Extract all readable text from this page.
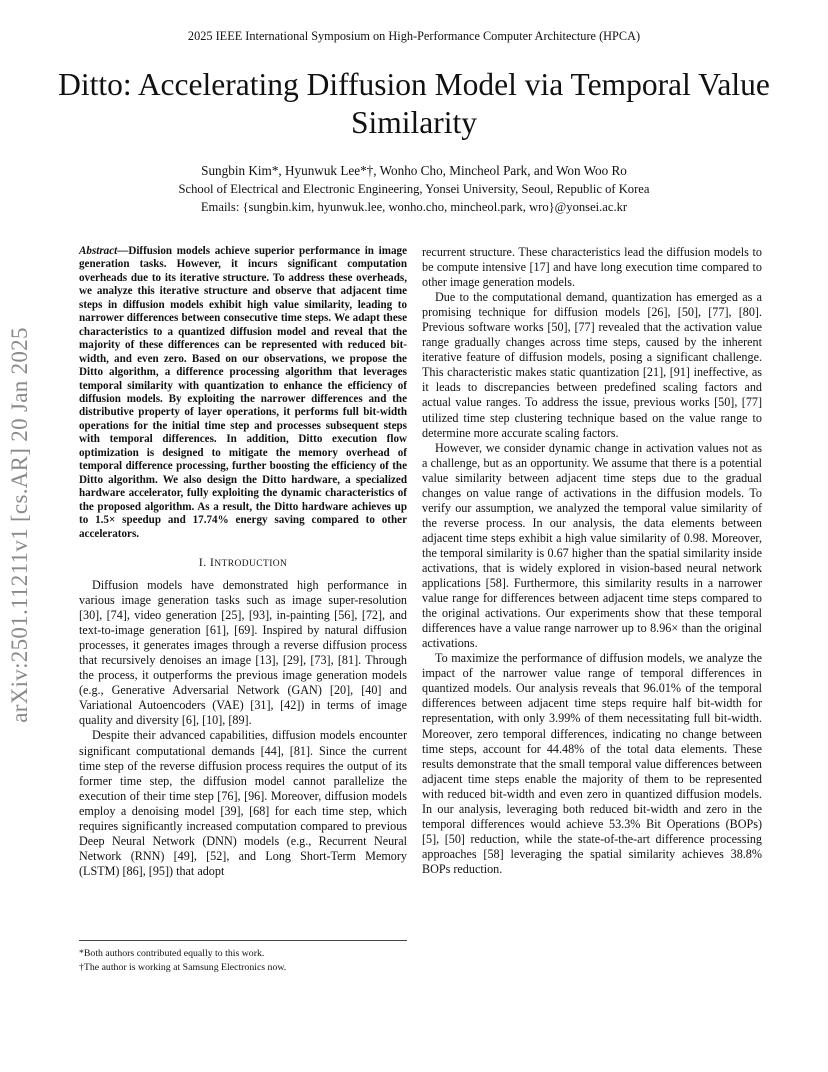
2025 IEEE International Symposium on High-Performance Computer Architecture (HPCA)
Ditto: Accelerating Diffusion Model via Temporal Value Similarity
Sungbin Kim*, Hyunwuk Lee*†, Wonho Cho, Mincheol Park, and Won Woo Ro
School of Electrical and Electronic Engineering, Yonsei University, Seoul, Republic of Korea
Emails: {sungbin.kim, hyunwuk.lee, wonho.cho, mincheol.park, wro}@yonsei.ac.kr
arXiv:2501.11211v1 [cs.AR] 20 Jan 2025

Abstract—Diffusion models achieve superior performance in image generation tasks. However, it incurs significant computation overheads due to its iterative structure. To address these overheads, we analyze this iterative structure and observe that adjacent time steps in diffusion models exhibit high value similarity, leading to narrower differences between consecutive time steps. We adapt these characteristics to a quantized diffusion model and reveal that the majority of these differences can be represented with reduced bit-width, and even zero. Based on our observations, we propose the Ditto algorithm, a difference processing algorithm that leverages temporal similarity with quantization to enhance the efficiency of diffusion models. By exploiting the narrower differences and the distributive property of layer operations, it performs full bit-width operations for the initial time step and processes subsequent steps with temporal differences. In addition, Ditto execution flow optimization is designed to mitigate the memory overhead of temporal difference processing, further boosting the efficiency of the Ditto algorithm. We also design the Ditto hardware, a specialized hardware accelerator, fully exploiting the dynamic characteristics of the proposed algorithm. As a result, the Ditto hardware achieves up to 1.5× speedup and 17.74% energy saving compared to other accelerators.

I. INTRODUCTION

Diffusion models have demonstrated high performance in various image generation tasks such as image super-resolution [30], [74], video generation [25], [93], in-painting [56], [72], and text-to-image generation [61], [69]. Inspired by natural diffusion processes, it generates images through a reverse diffusion process that recursively denoises an image [13], [29], [73], [81]. Through the process, it outperforms the previous image generation models (e.g., Generative Adversarial Network (GAN) [20], [40] and Variational Autoencoders (VAE) [31], [42]) in terms of image quality and diversity [6], [10], [89].

Despite their advanced capabilities, diffusion models encounter significant computational demands [44], [81]. Since the current time step of the reverse diffusion process requires the output of its former time step, the diffusion model cannot parallelize the execution of their time step [76], [96]. Moreover, diffusion models employ a denoising model [39], [68] for each time step, which requires significantly increased computation compared to previous Deep Neural Network (DNN) models (e.g., Recurrent Neural Network (RNN) [49], [52], and Long Short-Term Memory (LSTM) [86], [95]) that adopt

recurrent structure. These characteristics lead the diffusion models to be compute intensive [17] and have long execution time compared to other image generation models.

Due to the computational demand, quantization has emerged as a promising technique for diffusion models [26], [50], [77], [80]. Previous software works [50], [77] revealed that the activation value range gradually changes across time steps, caused by the inherent iterative feature of diffusion models, posing a significant challenge. This characteristic makes static quantization [21], [91] ineffective, as it leads to discrepancies between predefined scaling factors and actual value ranges. To address the issue, previous works [50], [77] utilized time step clustering technique based on the value range to determine more accurate scaling factors.

However, we consider dynamic change in activation values not as a challenge, but as an opportunity. We assume that there is a potential value similarity between adjacent time steps due to the gradual changes on value range of activations in the diffusion models. To verify our assumption, we analyzed the temporal value similarity of the reverse process. In our analysis, the data elements between adjacent time steps exhibit a high value similarity of 0.98. Moreover, the temporal similarity is 0.67 higher than the spatial similarity inside activations, that is widely explored in vision-based neural network applications [58]. Furthermore, this similarity results in a narrower value range for differences between adjacent time steps compared to the original activations. Our experiments show that these temporal differences have a value range narrower up to 8.96× than the original activations.

To maximize the performance of diffusion models, we analyze the impact of the narrower value range of temporal differences in quantized models. Our analysis reveals that 96.01% of the temporal differences between adjacent time steps require half bit-width for representation, with only 3.99% of them necessitating full bit-width. Moreover, zero temporal differences, indicating no change between time steps, account for 44.48% of the total data elements. These results demonstrate that the small temporal value differences between adjacent time steps enable the majority of them to be represented with reduced bit-width and even zero in quantized diffusion models. In our analysis, leveraging both reduced bit-width and zero in the temporal differences would achieve 53.3% Bit Operations (BOPs) [5], [50] reduction, while the state-of-the-art difference processing approaches [58] leveraging the spatial similarity achieves 38.8% BOPs reduction.

*Both authors contributed equally to this work.
†The author is working at Samsung Electronics now.
